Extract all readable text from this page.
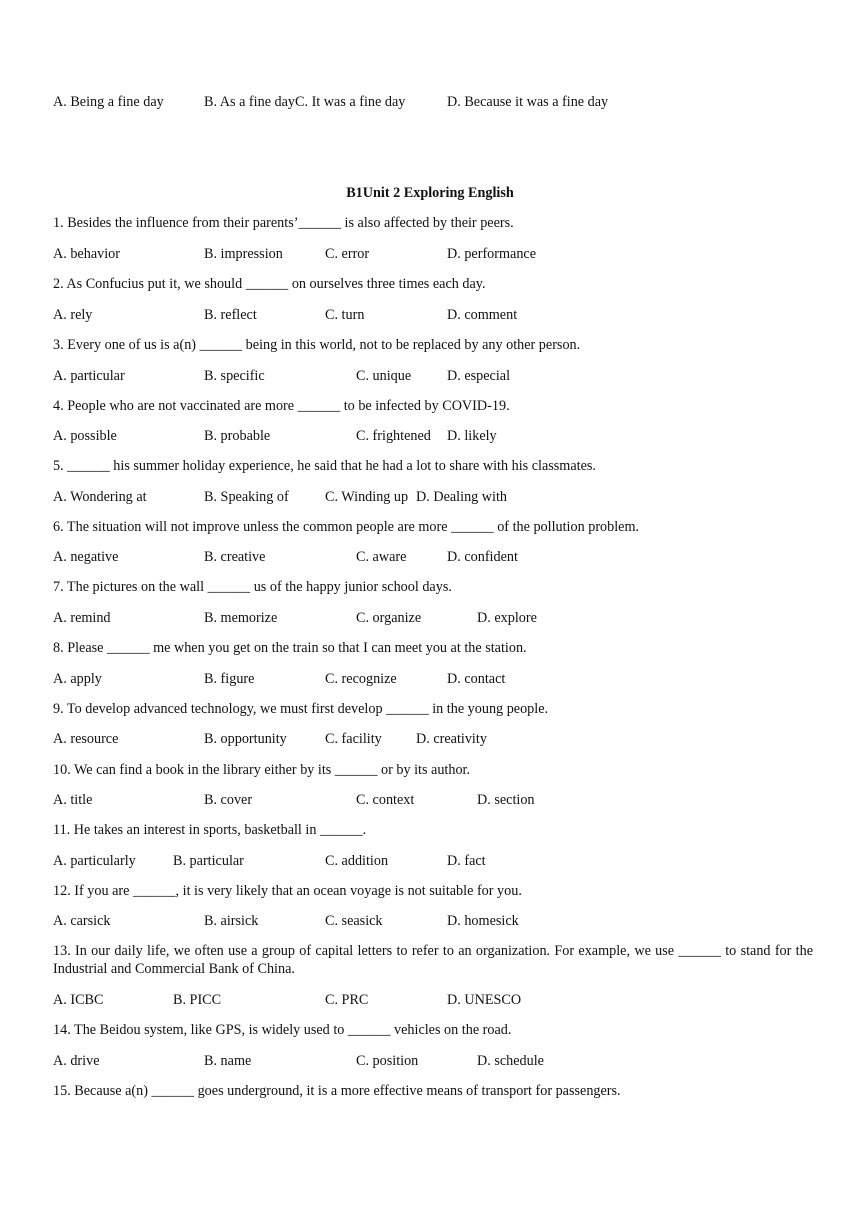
A. Being a fine day	B. As a fine dayC. It was a fine day	D. Because it was a fine day
B1Unit 2 Exploring English
1. Besides the influence from their parents’______ is also affected by their peers.
A. behavior	B. impression	C. error	D. performance
2. As Confucius put it, we should ______ on ourselves three times each day.
A. rely	B. reflect	C. turn	D. comment
3. Every one of us is a(n) ______ being in this world, not to be replaced by any other person.
A. particular	B. specific	C. unique	D. especial
4. People who are not vaccinated are more ______ to be infected by COVID-19.
A. possible	B. probable	C. frightened D. likely
5. ______ his summer holiday experience, he said that he had a lot to share with his classmates.
A. Wondering at	B. Speaking of	C. Winding up D. Dealing with
6. The situation will not improve unless the common people are more ______ of the pollution problem.
A. negative	B. creative	C. aware	D. confident
7. The pictures on the wall ______ us of the happy junior school days.
A. remind	B. memorize	C. organize	D. explore
8. Please ______ me when you get on the train so that I can meet you at the station.
A. apply	B. figure	C. recognize	D. contact
9. To develop advanced technology, we must first develop ______ in the young people.
A. resource	B. opportunity	C. facility D. creativity
10. We can find a book in the library either by its ______ or by its author.
A. title	B. cover	C. context	D. section
11. He takes an interest in sports, basketball in ______.
A. particularly	B. particular	C. addition	D. fact
12. If you are ______, it is very likely that an ocean voyage is not suitable for you.
A. carsick	B. airsick	C. seasick	D. homesick
13. In our daily life, we often use a group of capital letters to refer to an organization. For example, we use ______ to stand for the Industrial and Commercial Bank of China.
A. ICBC	B. PICC	C. PRC	D. UNESCO
14. The Beidou system, like GPS, is widely used to ______ vehicles on the road.
A. drive	B. name	C. position	D. schedule
15. Because a(n) ______ goes underground, it is a more effective means of transport for passengers.
